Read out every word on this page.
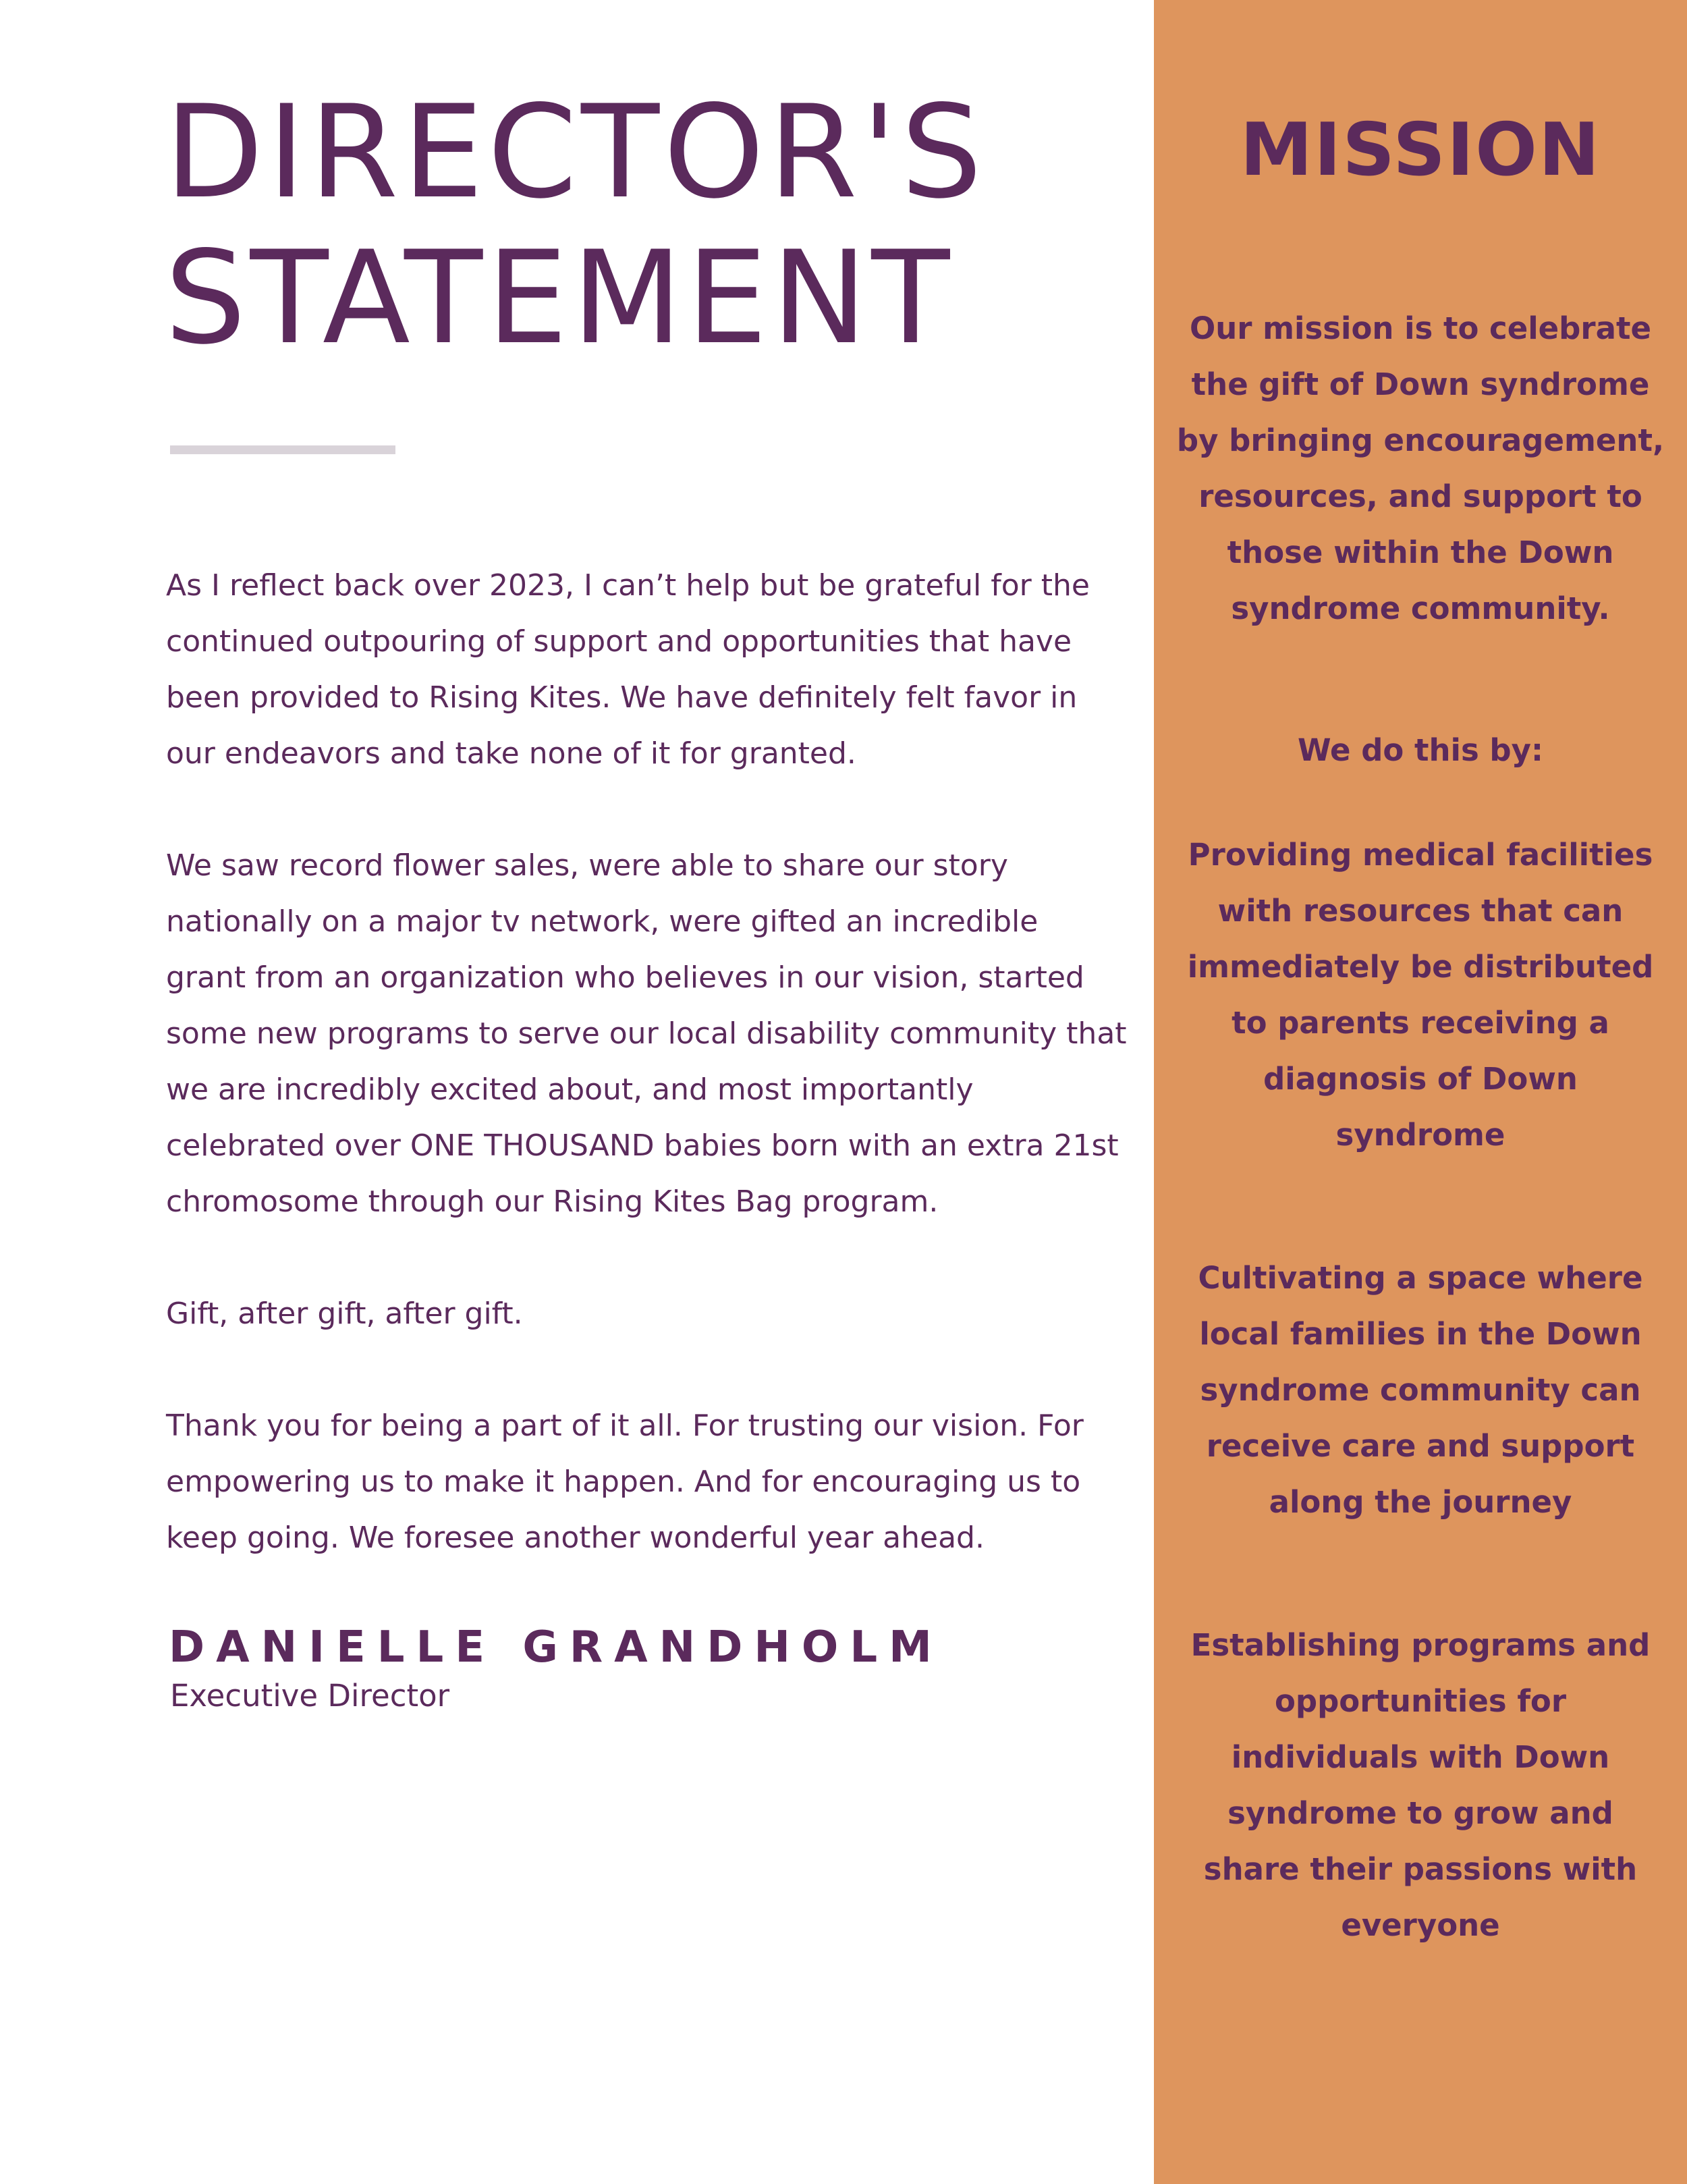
DIRECTOR'S
STATEMENT

As I reflect back over 2023, I can’t help but be grateful for the
continued outpouring of support and opportunities that have
been provided to Rising Kites. We have definitely felt favor in
our endeavors and take none of it for granted.

We saw record flower sales, were able to share our story
nationally on a major tv network, were gifted an incredible
grant from an organization who believes in our vision, started
some new programs to serve our local disability community that
we are incredibly excited about, and most importantly
celebrated over ONE THOUSAND babies born with an extra 21st
chromosome through our Rising Kites Bag program.

Gift, after gift, after gift.

Thank you for being a part of it all. For trusting our vision. For
empowering us to make it happen. And for encouraging us to
keep going. We foresee another wonderful year ahead.

DANIELLE GRANDHOLM
Executive Director
MISSION
Our mission is to celebrate
the gift of Down syndrome
by bringing encouragement,
resources, and support to
those within the Down
syndrome community.
We do this by:
Providing medical facilities
with resources that can
immediately be distributed
to parents receiving a
diagnosis of Down
syndrome
Cultivating a space where
local families in the Down
syndrome community can
receive care and support
along the journey
Establishing programs and
opportunities for
individuals with Down
syndrome to grow and
share their passions with
everyone
